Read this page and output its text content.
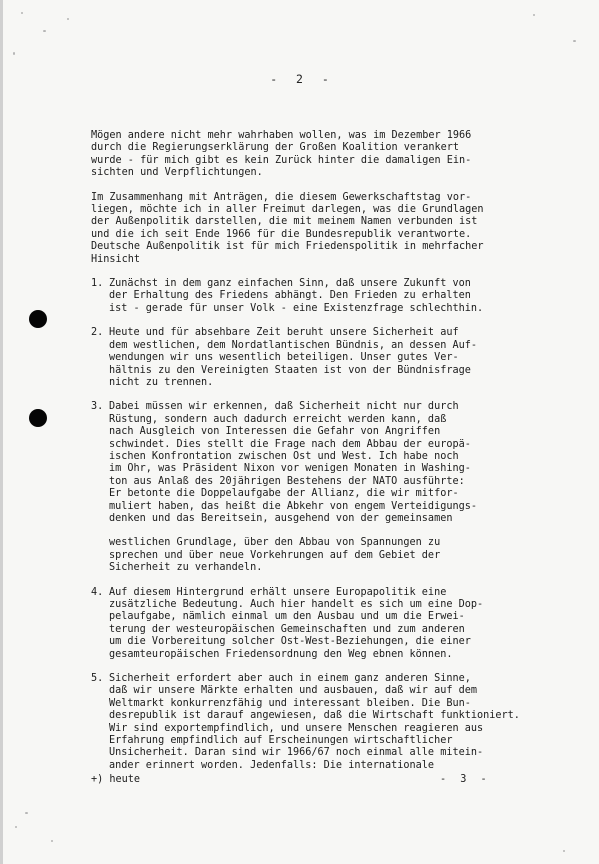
- 2 -

Mögen andere nicht mehr wahrhaben wollen, was im Dezember 1966
durch die Regierungserklärung der Großen Koalition verankert
wurde - für mich gibt es kein Zurück hinter die damaligen Ein-
sichten und Verpflichtungen.

Im Zusammenhang mit Anträgen, die diesem Gewerkschaftstag vor-
liegen, möchte ich in aller Freimut darlegen, was die Grundlagen
der Außenpolitik darstellen, die mit meinem Namen verbunden ist
und die ich seit Ende 1966 für die Bundesrepublik verantworte.
Deutsche Außenpolitik ist für mich Friedenspolitik in mehrfacher
Hinsicht

1. Zunächst in dem ganz einfachen Sinn, daß unsere Zukunft von
der Erhaltung des Friedens abhängt. Den Frieden zu erhalten
ist - gerade für unser Volk - eine Existenzfrage schlechthin.
2. Heute und für absehbare Zeit beruht unsere Sicherheit auf
dem westlichen, dem Nordatlantischen Bündnis, an dessen Auf-
wendungen wir uns wesentlich beteiligen. Unser gutes Ver-
hältnis zu den Vereinigten Staaten ist von der Bündnisfrage
nicht zu trennen.
3. Dabei müssen wir erkennen, daß Sicherheit nicht nur durch
Rüstung, sondern auch dadurch erreicht werden kann, daß
nach Ausgleich von Interessen die Gefahr von Angriffen
schwindet. Dies stellt die Frage nach dem Abbau der europä-
ischen Konfrontation zwischen Ost und West. Ich habe noch
im Ohr, was Präsident Nixon vor wenigen Monaten in Washing-
ton aus Anlaß des 20jährigen Bestehens der NATO ausführte:
Er betonte die Doppelaufgabe der Allianz, die wir mitfor-
muliert haben, das heißt die Abkehr von engem Verteidigungs-
denken und das Bereitsein, ausgehend von der gemeinsamen
westlichen Grundlage, über den Abbau von Spannungen zu
sprechen und über neue Vorkehrungen auf dem Gebiet der
Sicherheit zu verhandeln.
4. Auf diesem Hintergrund erhält unsere Europapolitik eine
zusätzliche Bedeutung. Auch hier handelt es sich um eine Dop-
pelaufgabe, nämlich einmal um den Ausbau und um die Erwei-
terung der westeuropäischen Gemeinschaften und zum anderen
um die Vorbereitung solcher Ost-West-Beziehungen, die einer
gesamteuropäischen Friedensordnung den Weg ebnen können.
5. Sicherheit erfordert aber auch in einem ganz anderen Sinne,
daß wir unsere Märkte erhalten und ausbauen, daß wir auf dem
Weltmarkt konkurrenzfähig und interessant bleiben. Die Bun-
desrepublik ist darauf angewiesen, daß die Wirtschaft funktioniert.
Wir sind exportempfindlich, und unsere Menschen reagieren aus
Erfahrung empfindlich auf Erscheinungen wirtschaftlicher
Unsicherheit. Daran sind wir 1966/67 noch einmal alle mitein-
ander erinnert worden. Jedenfalls: Die internationale
+) heute	- 3 -
